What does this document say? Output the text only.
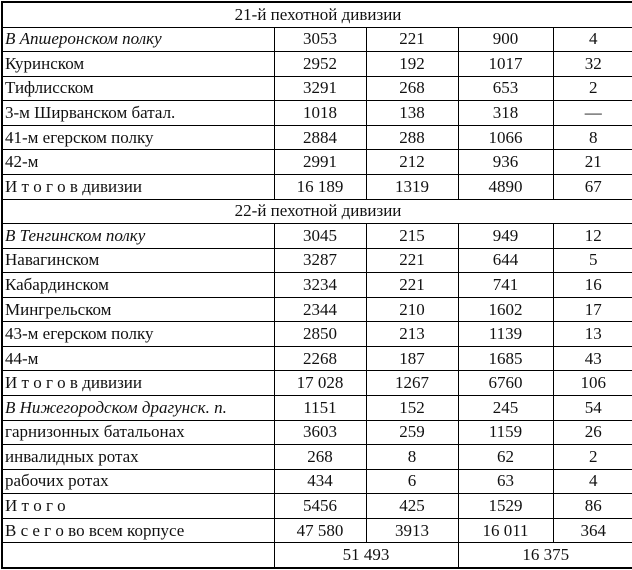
21-й пехотной дивизии				
В Апшеронском полку	3053	221	900	4
Куринском	2952	192	1017	32
Тифлисском	3291	268	653	2
3-м Ширванском батал.	1018	138	318	—
41-м егерском полку	2884	288	1066	8
42-м	2991	212	936	21
И т о г о в дивизии	16 189	1319	4890	67
22-й пехотной дивизии				
В Тенгинском полку	3045	215	949	12
Навагинском	3287	221	644	5
Кабардинском	3234	221	741	16
Мингрельском	2344	210	1602	17
43-м егерском полку	2850	213	1139	13
44-м	2268	187	1685	43
И т о г о в дивизии	17 028	1267	6760	106
В Нижегородском драгунск. п.	1151	152	245	54
гарнизонных батальонах	3603	259	1159	26
инвалидных ротах	268	8	62	2
рабочих ротах	434	6	63	4
И т о г о	5456	425	1529	86
В с е г о во всем корпусе	47 580	3913	16 011	364
	51 493		16 375	
